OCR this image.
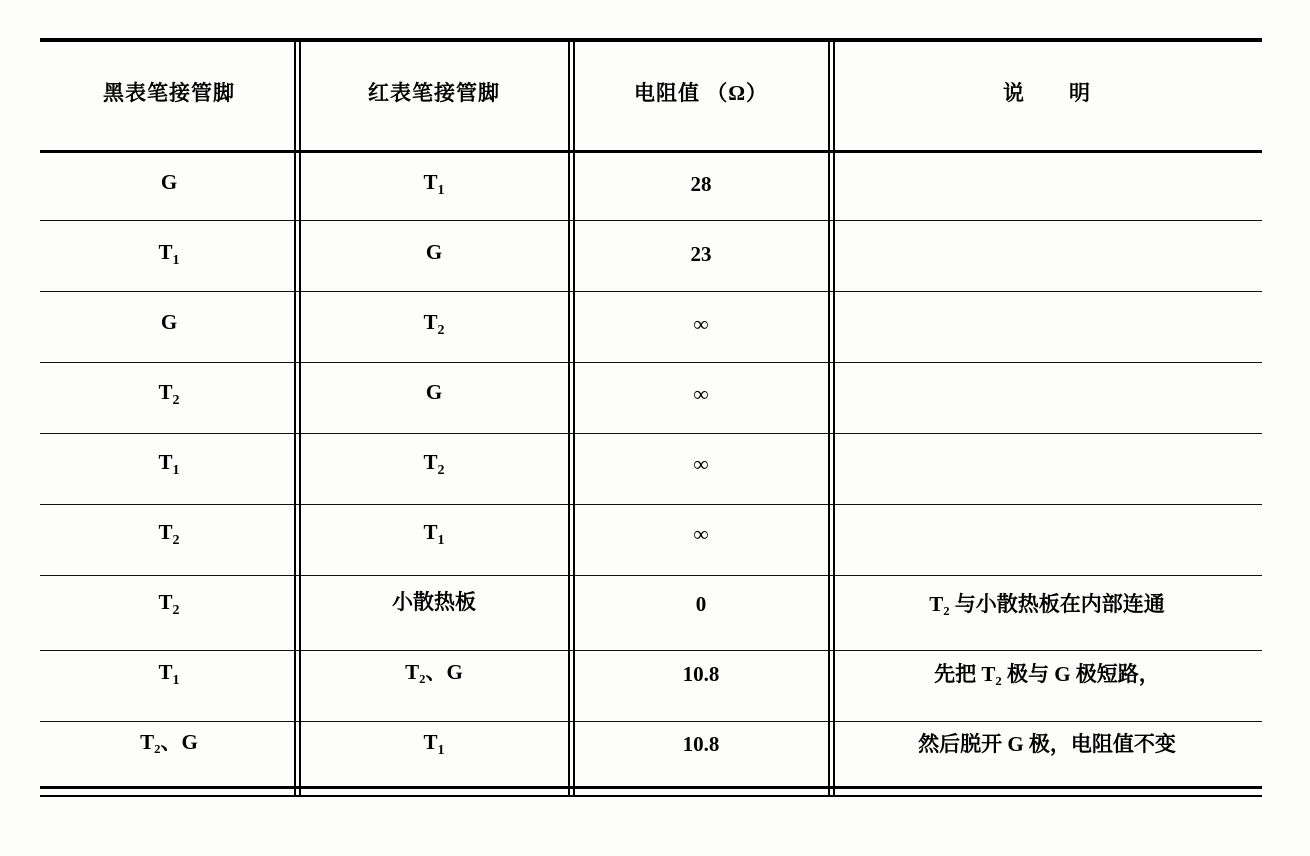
黑表笔接管脚	红表笔接管脚	电阻值 （Ω）	说　　明
G	$T_1$	28	
$T_1$	G	23	
G	$T_2$	∞	
$T_2$	G	∞	
$T_1$	$T_2$	∞	
$T_2$	$T_1$	∞	
$T_2$	小散热板	0	T₂ 与小散热板在内部连通
$T_1$	T₂、G	10.8	先把 T₂ 极与 G 极短路，
T₂、G	$T_1$	10.8	然后脱开 G 极，电阻值不变
